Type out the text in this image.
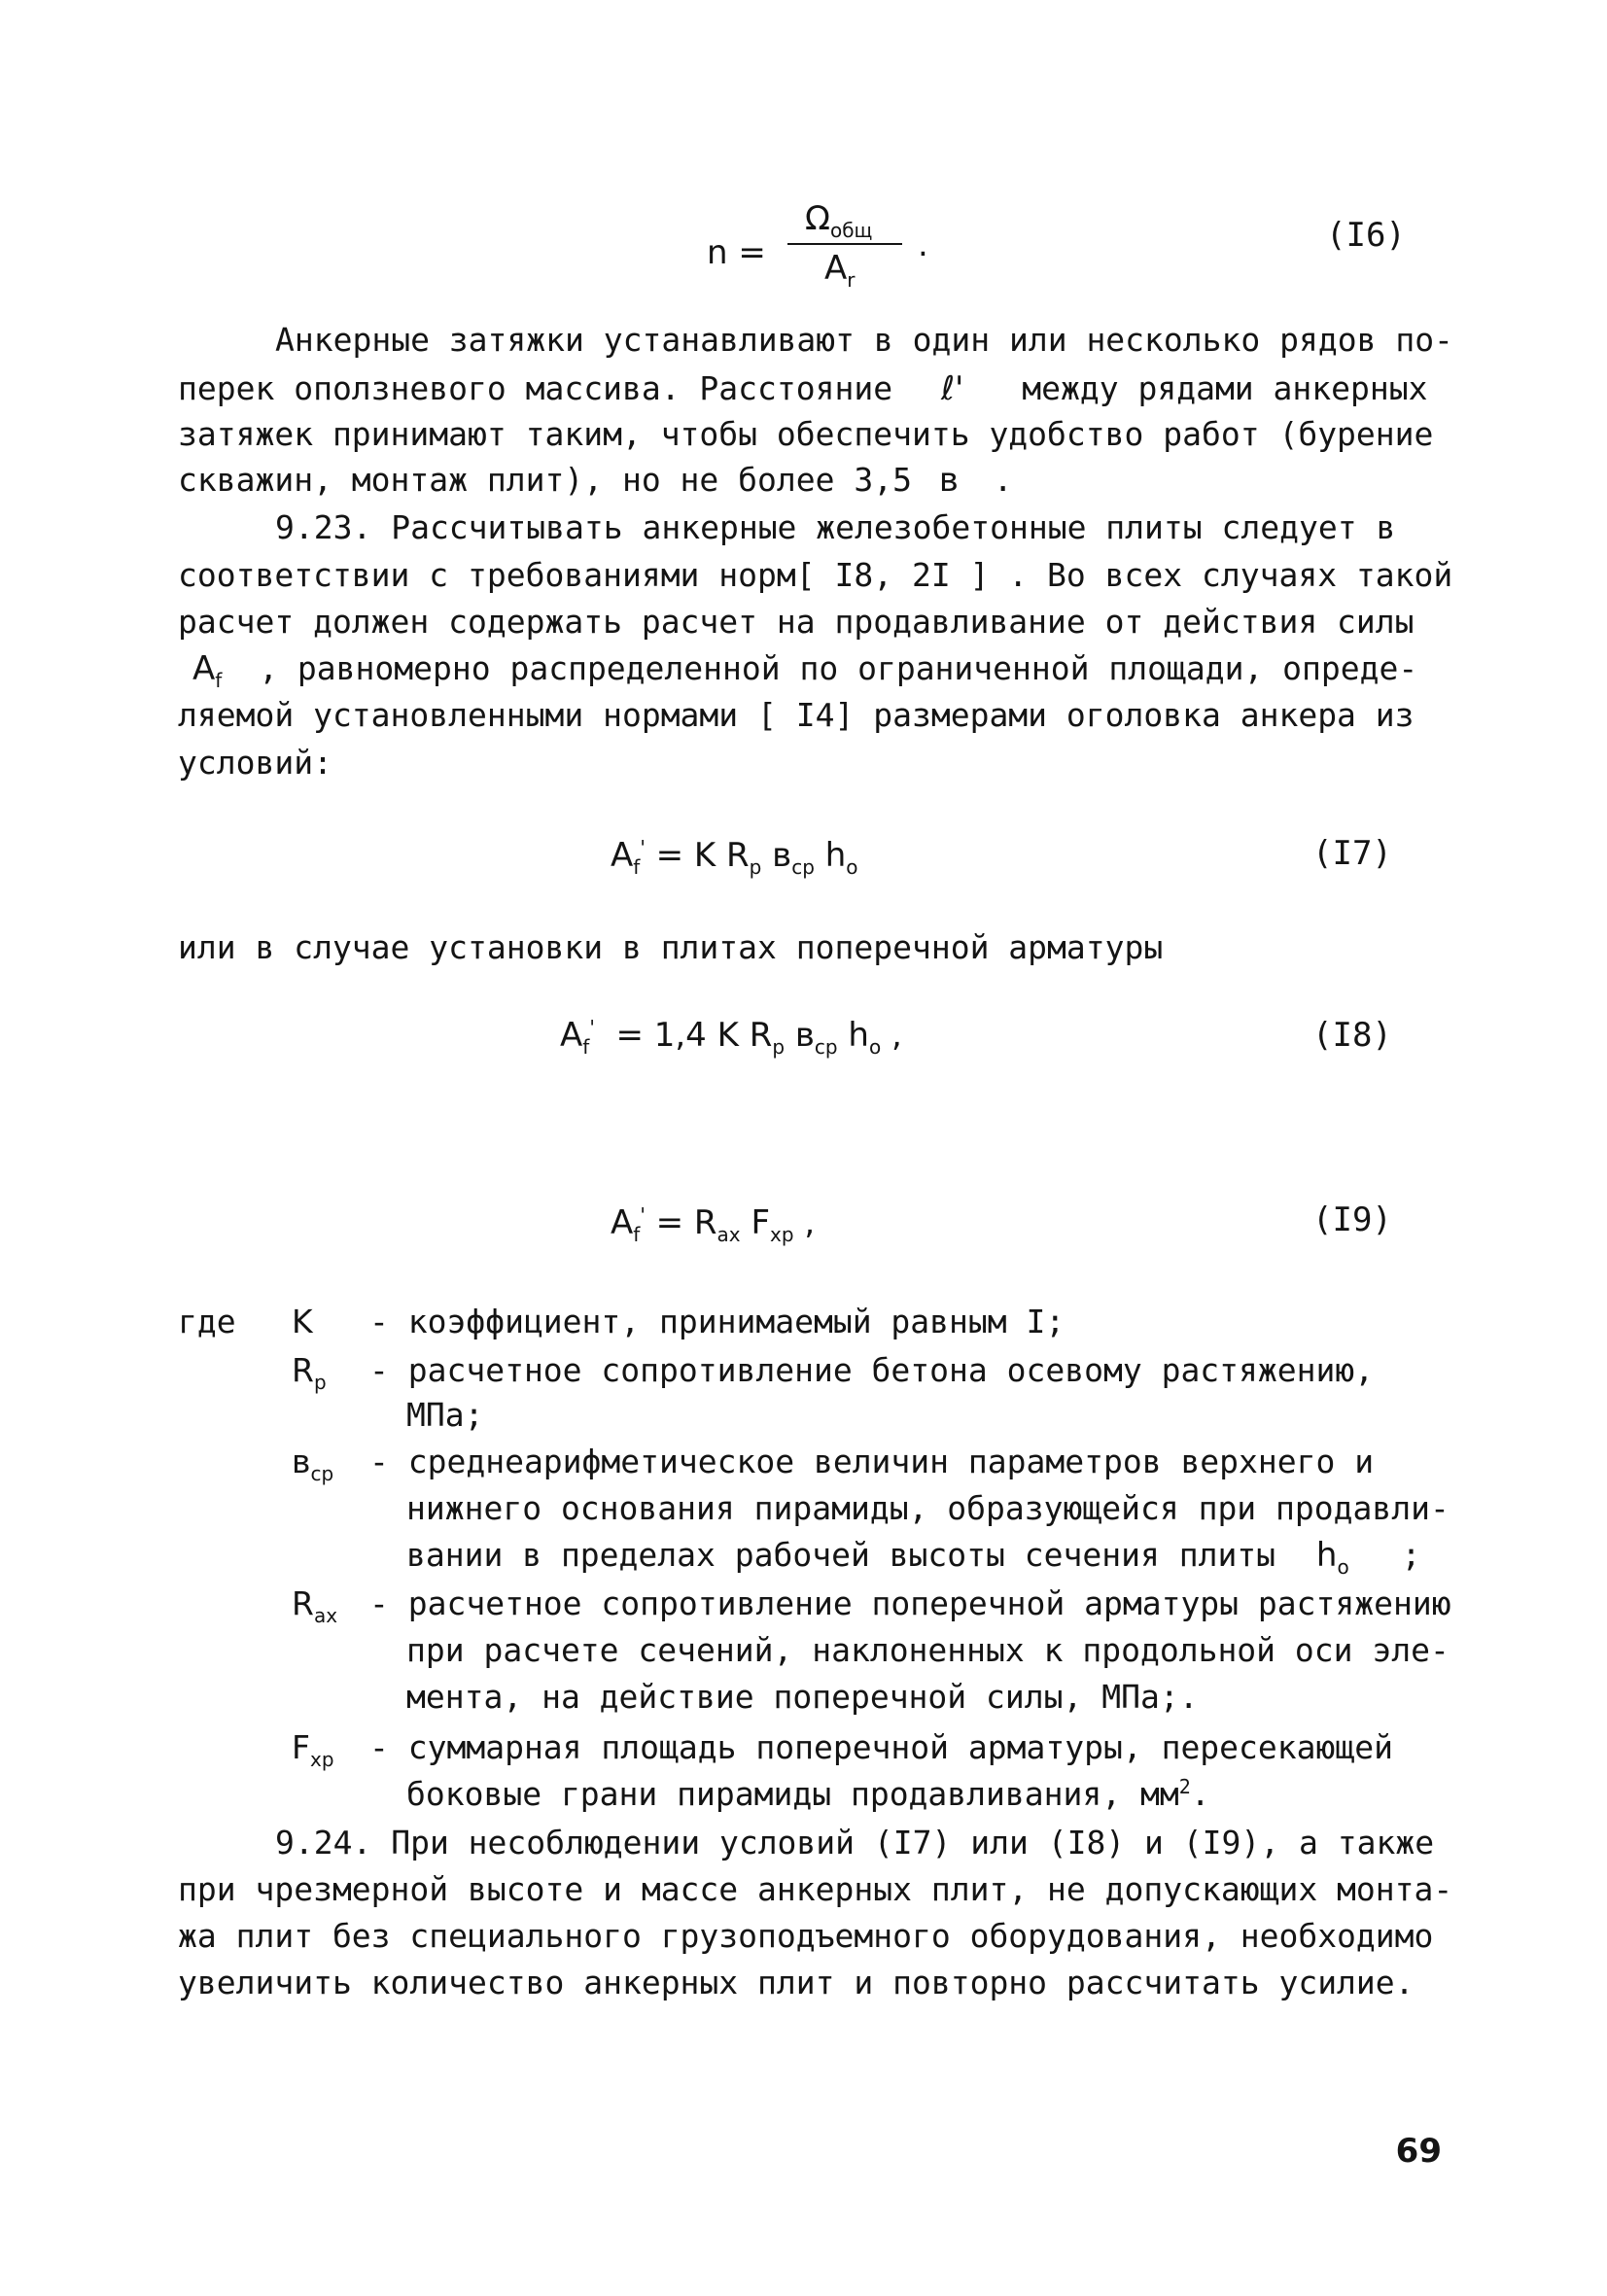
n =
$\Omega_{общ}$
$A_r$
.	(I6)
Анкерные затяжки устанавливают в один или несколько рядов по-
перек оползневого массива. Расстояние ℓ' между рядами анкерных
затяжек принимают таким, чтобы обеспечить удобство работ (бурение
скважин, монтаж плит), но не более 3,5 в .
9.23. Рассчитывать анкерные железобетонные плиты следует в
соответствии с требованиями норм[ I8, 2I ] . Во всех случаях такой
расчет должен содержать расчет на продавливание от действия силы
$A_f$ , равномерно распределенной по ограниченной площади, опреде-
ляемой установленными нормами [ I4] размерами оголовка анкера из
условий:
$A_f' = K$ $R_p$ $в_{cp}$ $h_o$	(I7)
или в случае установки в плитах поперечной арматуры
$A_f' = 1,4$ K $R_p$ $в_{cp}$ $h_o$ ,	(I8)
$A_f' = R_{ax}$ $F_{xp}$ ,	(I9)
где K - коэффициент, принимаемый равным I;
$R_p$ - расчетное сопротивление бетона осевому растяжению,
МПа;
$в_{cp}$ - среднеарифметическое величин параметров верхнего и
нижнего основания пирамиды, образующейся при продавли-
вании в пределах рабочей высоты сечения плиты $h_o$ ;
$R_{ax}$ - расчетное сопротивление поперечной арматуры растяжению
при расчете сечений, наклоненных к продольной оси эле-
мента, на действие поперечной силы, МПа;.
$F_{xp}$ - суммарная площадь поперечной арматуры, пересекающей
боковые грани пирамиды продавливания, $мм^2$.
9.24. При несоблюдении условий (I7) или (I8) и (I9), а также
при чрезмерной высоте и массе анкерных плит, не допускающих монта-
жа плит без специального грузоподъемного оборудования, необходимо
увеличить количество анкерных плит и повторно рассчитать усилие.
69
